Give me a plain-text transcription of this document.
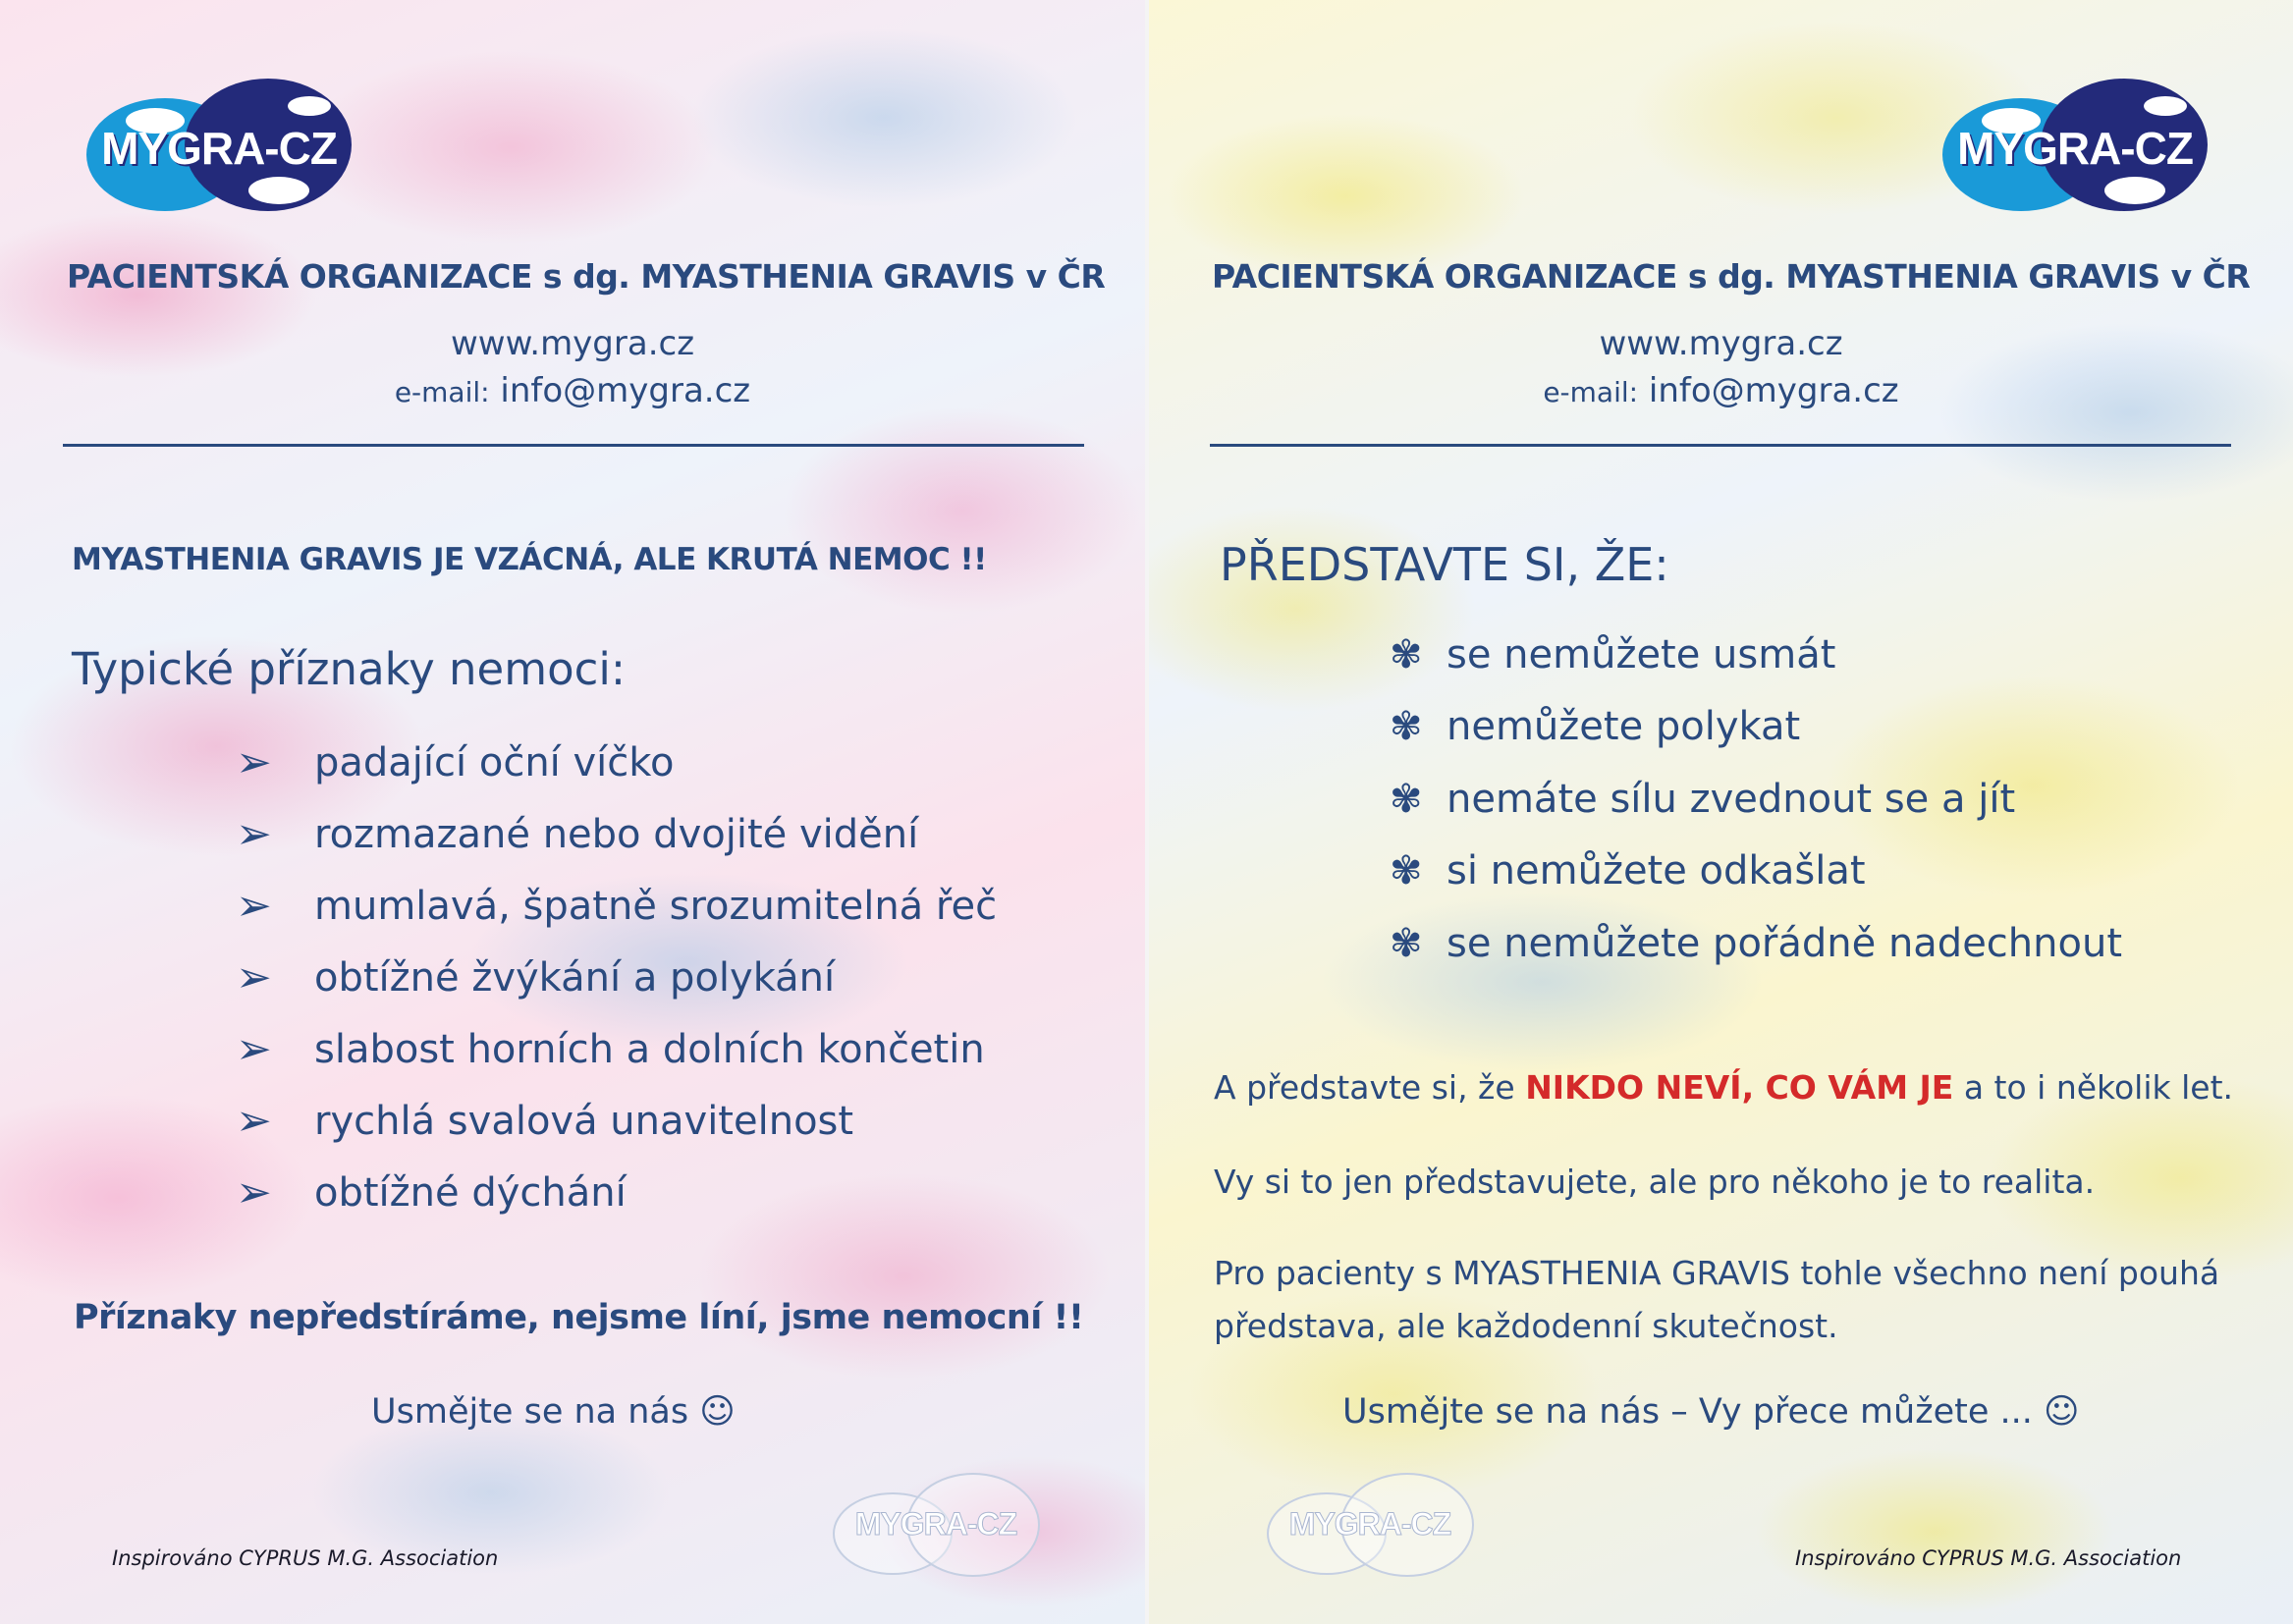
MYGRA-CZ
PACIENTSKÁ ORGANIZACE s dg. MYASTHENIA GRAVIS v ČR
www.mygra.cz
e-mail: info@mygra.cz
MYASTHENIA GRAVIS JE VZÁCNÁ, ALE KRUTÁ NEMOC !!
Typické příznaky nemoci:
➢	padající oční víčko
➢	rozmazané nebo dvojité vidění
➢	mumlavá, špatně srozumitelná řeč
➢	obtížné žvýkání a polykání
➢	slabost horních a dolních končetin
➢	rychlá svalová unavitelnost
➢	obtížné dýchání
Příznaky nepředstíráme, nejsme líní, jsme nemocní !!
Usmějte se na nás ☺
Inspirováno CYPRUS M.G. Association
MYGRA-CZ
MYGRA-CZ
PACIENTSKÁ ORGANIZACE s dg. MYASTHENIA GRAVIS v ČR
www.mygra.cz
e-mail: info@mygra.cz
PŘEDSTAVTE SI, ŽE:
✾ se nemůžete usmát
✾ nemůžete polykat
✾ nemáte sílu zvednout se a jít
✾ si nemůžete odkašlat
✾ se nemůžete pořádně nadechnout
A představte si, že NIKDO NEVÍ, CO VÁM JE a to i několik let.
Vy si to jen představujete, ale pro někoho je to realita.
Pro pacienty s MYASTHENIA GRAVIS tohle všechno není pouhá představa, ale každodenní skutečnost.
Usmějte se na nás – Vy přece můžete ... ☺
MYGRA-CZ
Inspirováno CYPRUS M.G. Association
